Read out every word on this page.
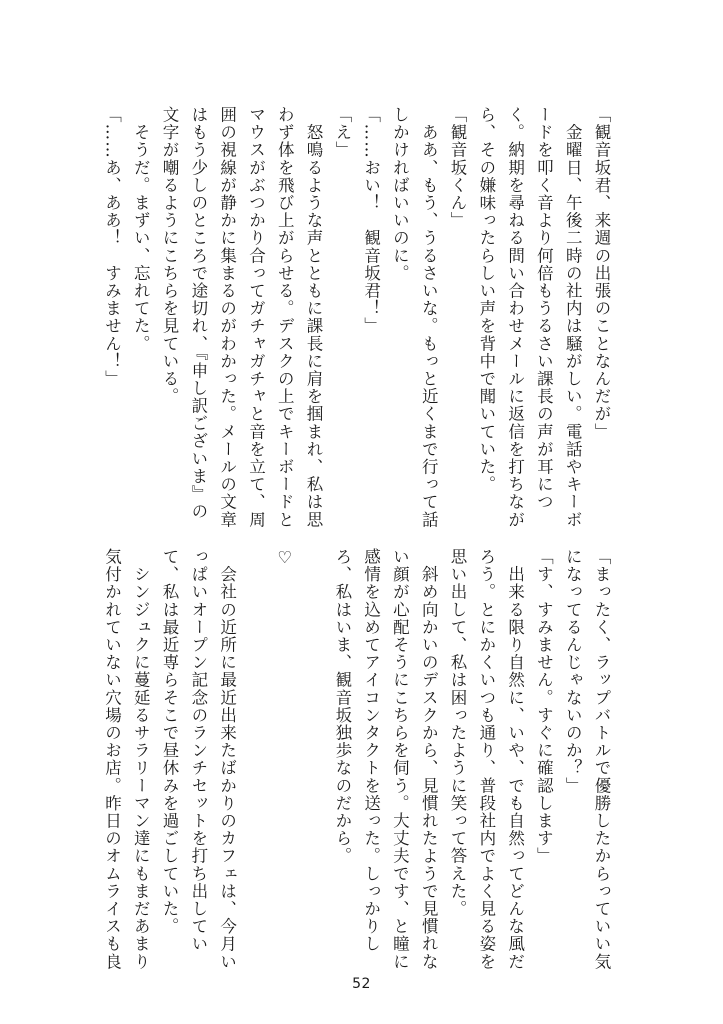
「観音坂君、来週の出張のことなんだが」
　金曜日、午後二時の社内は騒がしい。電話やキーボ
ードを叩く音より何倍もうるさい課長の声が耳につ
く。納期を尋ねる問い合わせメールに返信を打ちなが
ら、その嫌味ったらしい声を背中で聞いていた。
「観音坂くん」
　ああ、もう、うるさいな。もっと近くまで行って話
しかければいいのに。
「……おい！　観音坂君！」
「え」
　怒鳴るような声とともに課長に肩を掴まれ、私は思
わず体を飛び上がらせる。デスクの上でキーボードと
マウスがぶつかり合ってガチャガチャと音を立て、周
囲の視線が静かに集まるのがわかった。メールの文章
はもう少しのところで途切れ、『申し訳ございま』の
文字が嘲るようにこちらを見ている。
　そうだ。まずい、忘れてた。
「……あ、ああ！　すみません！」
「まったく、ラップバトルで優勝したからっていい気
になってるんじゃないのか？」
「す、すみません。すぐに確認します」
　出来る限り自然に、いや、でも自然ってどんな風だ
ろう。とにかくいつも通り、普段社内でよく見る姿を
思い出して、私は困ったように笑って答えた。
　斜め向かいのデスクから、見慣れたようで見慣れな
い顔が心配そうにこちらを伺う。大丈夫です、と瞳に
感情を込めてアイコンタクトを送った。しっかりし
ろ、私はいま、観音坂独歩なのだから。

♡

　会社の近所に最近出来たばかりのカフェは、今月い
っぱいオープン記念のランチセットを打ち出してい
て、私は最近専らそこで昼休みを過ごしていた。
　シンジュクに蔓延るサラリーマン達にもまだあまり
気付かれていない穴場のお店。昨日のオムライスも良
52
